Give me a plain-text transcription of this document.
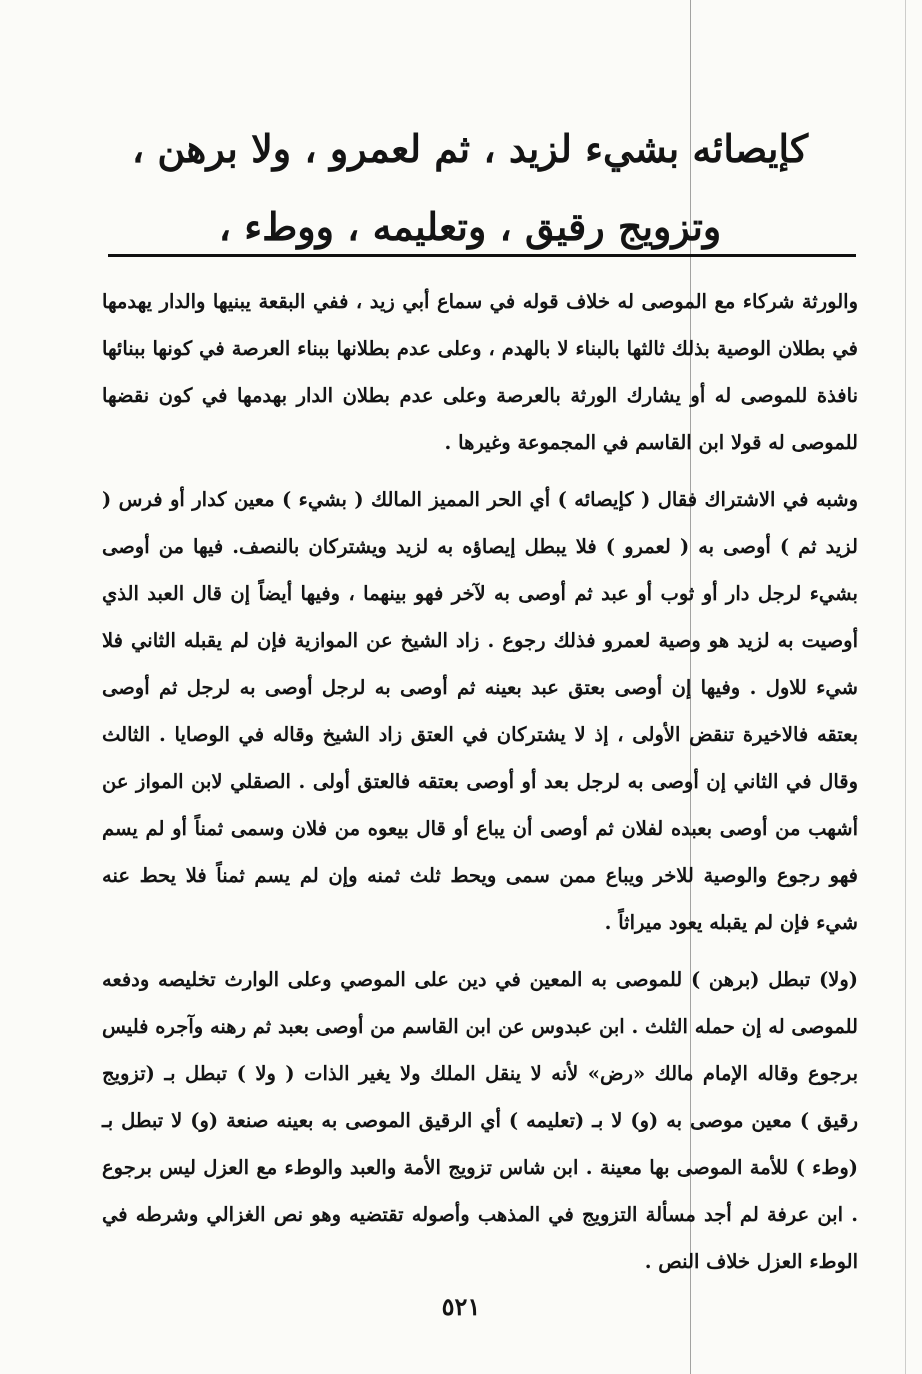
كإيصائه بشيء لزيد ، ثم لعمرو ، ولا برهن ، وتزويج رقيق ، وتعليمه ، ووطء ،

والورثة شركاء مع الموصى له خلاف قوله في سماع أبي زيد ، ففي البقعة يبنيها والدار يهدمها في بطلان الوصية بذلك ثالثها بالبناء لا بالهدم ، وعلى عدم بطلانها ببناء العرصة في كونها ببنائها نافذة للموصى له أو يشارك الورثة بالعرصة وعلى عدم بطلان الدار بهدمها في كون نقضها للموصى له قولا ابن القاسم في المجموعة وغيرها .

وشبه في الاشتراك فقال ( كإيصائه ) أي الحر المميز المالك ( بشيء ) معين كدار أو فرس ( لزيد ثم ) أوصى به ( لعمرو ) فلا يبطل إيصاؤه به لزيد ويشتركان بالنصف. فيها من أوصى بشيء لرجل دار أو ثوب أو عبد ثم أوصى به لآخر فهو بينهما ، وفيها أيضاً إن قال العبد الذي أوصيت به لزيد هو وصية لعمرو فذلك رجوع . زاد الشيخ عن الموازية فإن لم يقبله الثاني فلا شيء للاول . وفيها إن أوصى بعتق عبد بعينه ثم أوصى به لرجل أوصى به لرجل ثم أوصى بعتقه فالاخيرة تنقض الأولى ، إذ لا يشتركان في العتق زاد الشيخ وقاله في الوصايا . الثالث وقال في الثاني إن أوصى به لرجل بعد أو أوصى بعتقه فالعتق أولى . الصقلي لابن المواز عن أشهب من أوصى بعبده لفلان ثم أوصى أن يباع أو قال بيعوه من فلان وسمى ثمناً أو لم يسم فهو رجوع والوصية للاخر ويباع ممن سمى ويحط ثلث ثمنه وإن لم يسم ثمناً فلا يحط عنه شيء فإن لم يقبله يعود ميراثاً .

(ولا) تبطل (برهن ) للموصى به المعين في دين على الموصي وعلى الوارث تخليصه ودفعه للموصى له إن حمله الثلث . ابن عبدوس عن ابن القاسم من أوصى بعبد ثم رهنه وآجره فليس برجوع وقاله الإمام مالك «رض» لأنه لا ينقل الملك ولا يغير الذات ( ولا ) تبطل بـ (تزويج رقيق ) معين موصى به (و) لا بـ (تعليمه ) أي الرقيق الموصى به بعينه صنعة (و) لا تبطل بـ (وطء ) للأمة الموصى بها معينة . ابن شاس تزويج الأمة والعبد والوطء مع العزل ليس برجوع . ابن عرفة لم أجد مسألة التزويج في المذهب وأصوله تقتضيه وهو نص الغزالي وشرطه في الوطء العزل خلاف النص .

٥٢١
